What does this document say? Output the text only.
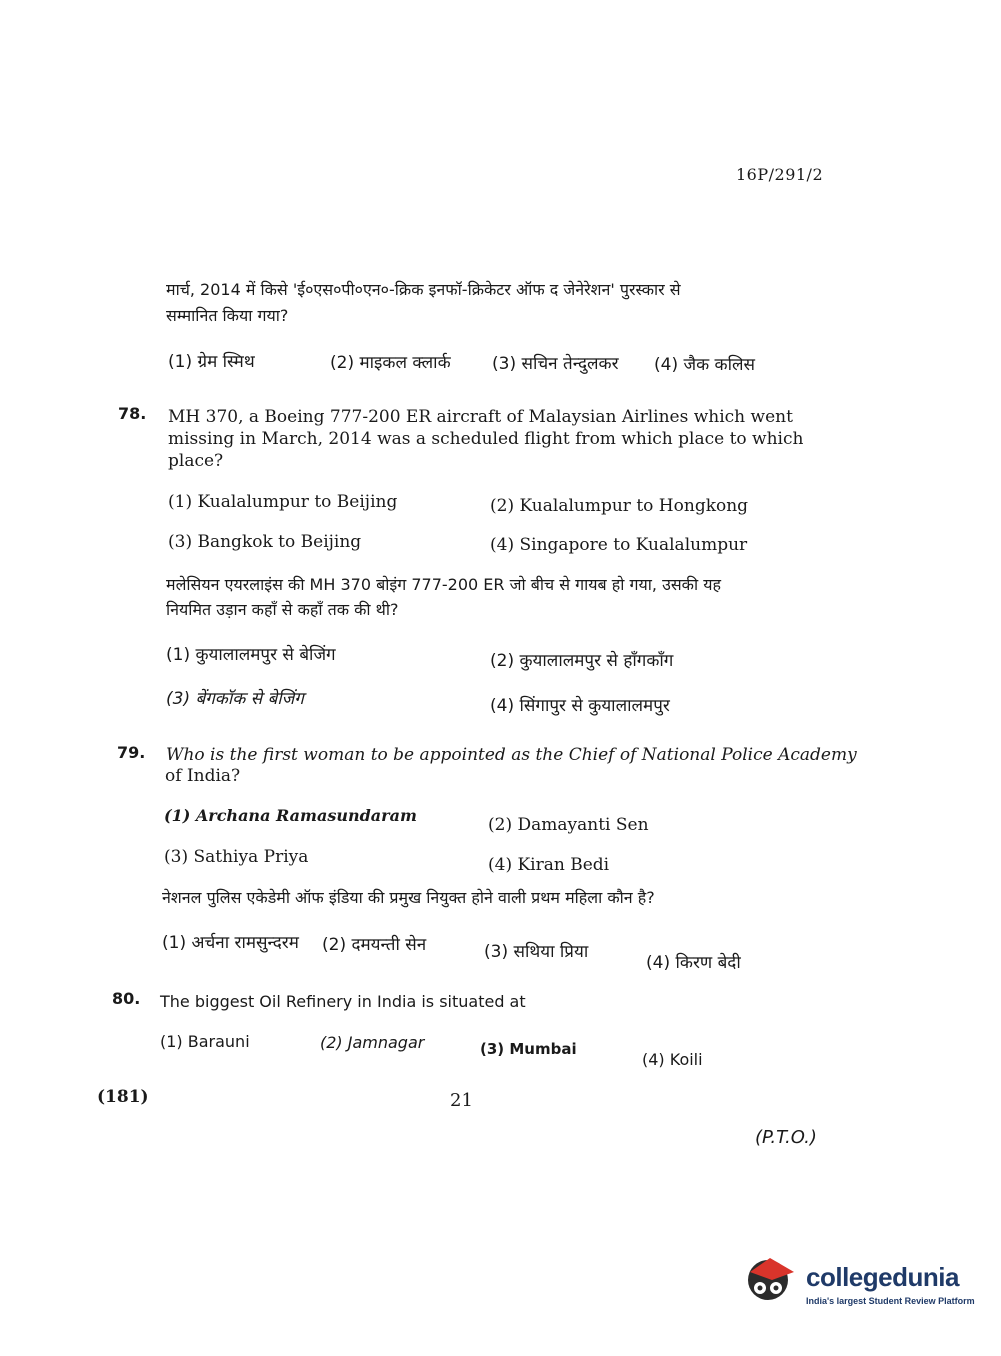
16P/291/2
मार्च, 2014 में किसे 'ई०एस०पी०एन०-क्रिक इनफॉ-क्रिकेटर ऑफ द जेनेरेशन' पुरस्कार से
सम्मानित किया गया?
(1) ग्रेम स्मिथ	(2) माइकल क्लार्क (3) सचिन तेन्दुलकर (4) जैक कलिस
78. MH 370, a Boeing 777-200 ER aircraft of Malaysian Airlines which went
missing in March, 2014 was a scheduled flight from which place to which
place?
(1) Kualalumpur to Beijing	(2) Kualalumpur to Hongkong
(3) Bangkok to Beijing	(4) Singapore to Kualalumpur
मलेसियन एयरलाइंस की MH 370 बोइंग 777-200 ER जो बीच से गायब हो गया, उसकी यह
नियमित उड़ान कहाँ से कहाँ तक की थी?
(1) कुयालालमपुर से बेजिंग	(2) कुयालालमपुर से हाँगकाँग
(3) बेंगकॉक से बेजिंग	(4) सिंगापुर से कुयालालमपुर
79. Who is the first woman to be appointed as the Chief of National Police Academy
of India?
(1) Archana Ramasundaram	(2) Damayanti Sen
(3) Sathiya Priya	(4) Kiran Bedi
नेशनल पुलिस एकेडेमी ऑफ इंडिया की प्रमुख नियुक्त होने वाली प्रथम महिला कौन है?
(1) अर्चना रामसुन्दरम (2) दमयन्ती सेन	(3) सथिया प्रिया
(4) किरण बेदी
80. The biggest Oil Refinery in India is situated at
(1) Barauni	(2) Jamnagar	(3) Mumbai
(4) Koili
(181)	21
(P.T.O.)
collegedunia
India's largest Student Review Platform
